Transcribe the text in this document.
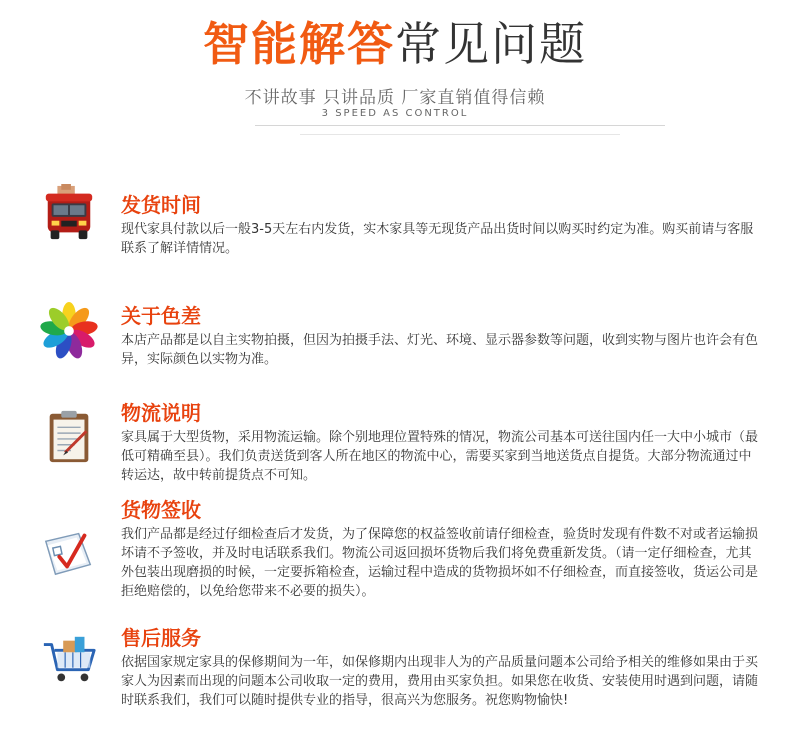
智能解答常见问题
不讲故事 只讲品质 厂家直销值得信赖
3 SPEED AS CONTROL
发货时间

现代家具付款以后一般3-5天左右内发货，实木家具等无现货产品出货时间以购买时约定为准。购买前请与客服联系了解详情情况。

关于色差

本店产品都是以自主实物拍摄，但因为拍摄手法、灯光、环境、显示器参数等问题，收到实物与图片也许会有色异，实际颜色以实物为准。

物流说明

家具属于大型货物，采用物流运输。除个别地理位置特殊的情况，物流公司基本可送往国内任一大中小城市（最低可精确至县）。我们负责送货到客人所在地区的物流中心，需要买家到当地送货点自提货。大部分物流通过中转运达，故中转前提货点不可知。

货物签收

我们产品都是经过仔细检查后才发货，为了保障您的权益签收前请仔细检查，验货时发现有件数不对或者运输损坏请不予签收，并及时电话联系我们。物流公司返回损坏货物后我们将免费重新发货。（请一定仔细检查，尤其外包装出现磨损的时候，一定要拆箱检查，运输过程中造成的货物损坏如不仔细检查，而直接签收，货运公司是拒绝赔偿的，以免给您带来不必要的损失）。

售后服务

依据国家规定家具的保修期间为一年，如保修期内出现非人为的产品质量问题本公司给予相关的维修如果由于买家人为因素而出现的问题本公司收取一定的费用，费用由买家负担。如果您在收货、安装使用时遇到问题，请随时联系我们，我们可以随时提供专业的指导，很高兴为您服务。祝您购物愉快!
